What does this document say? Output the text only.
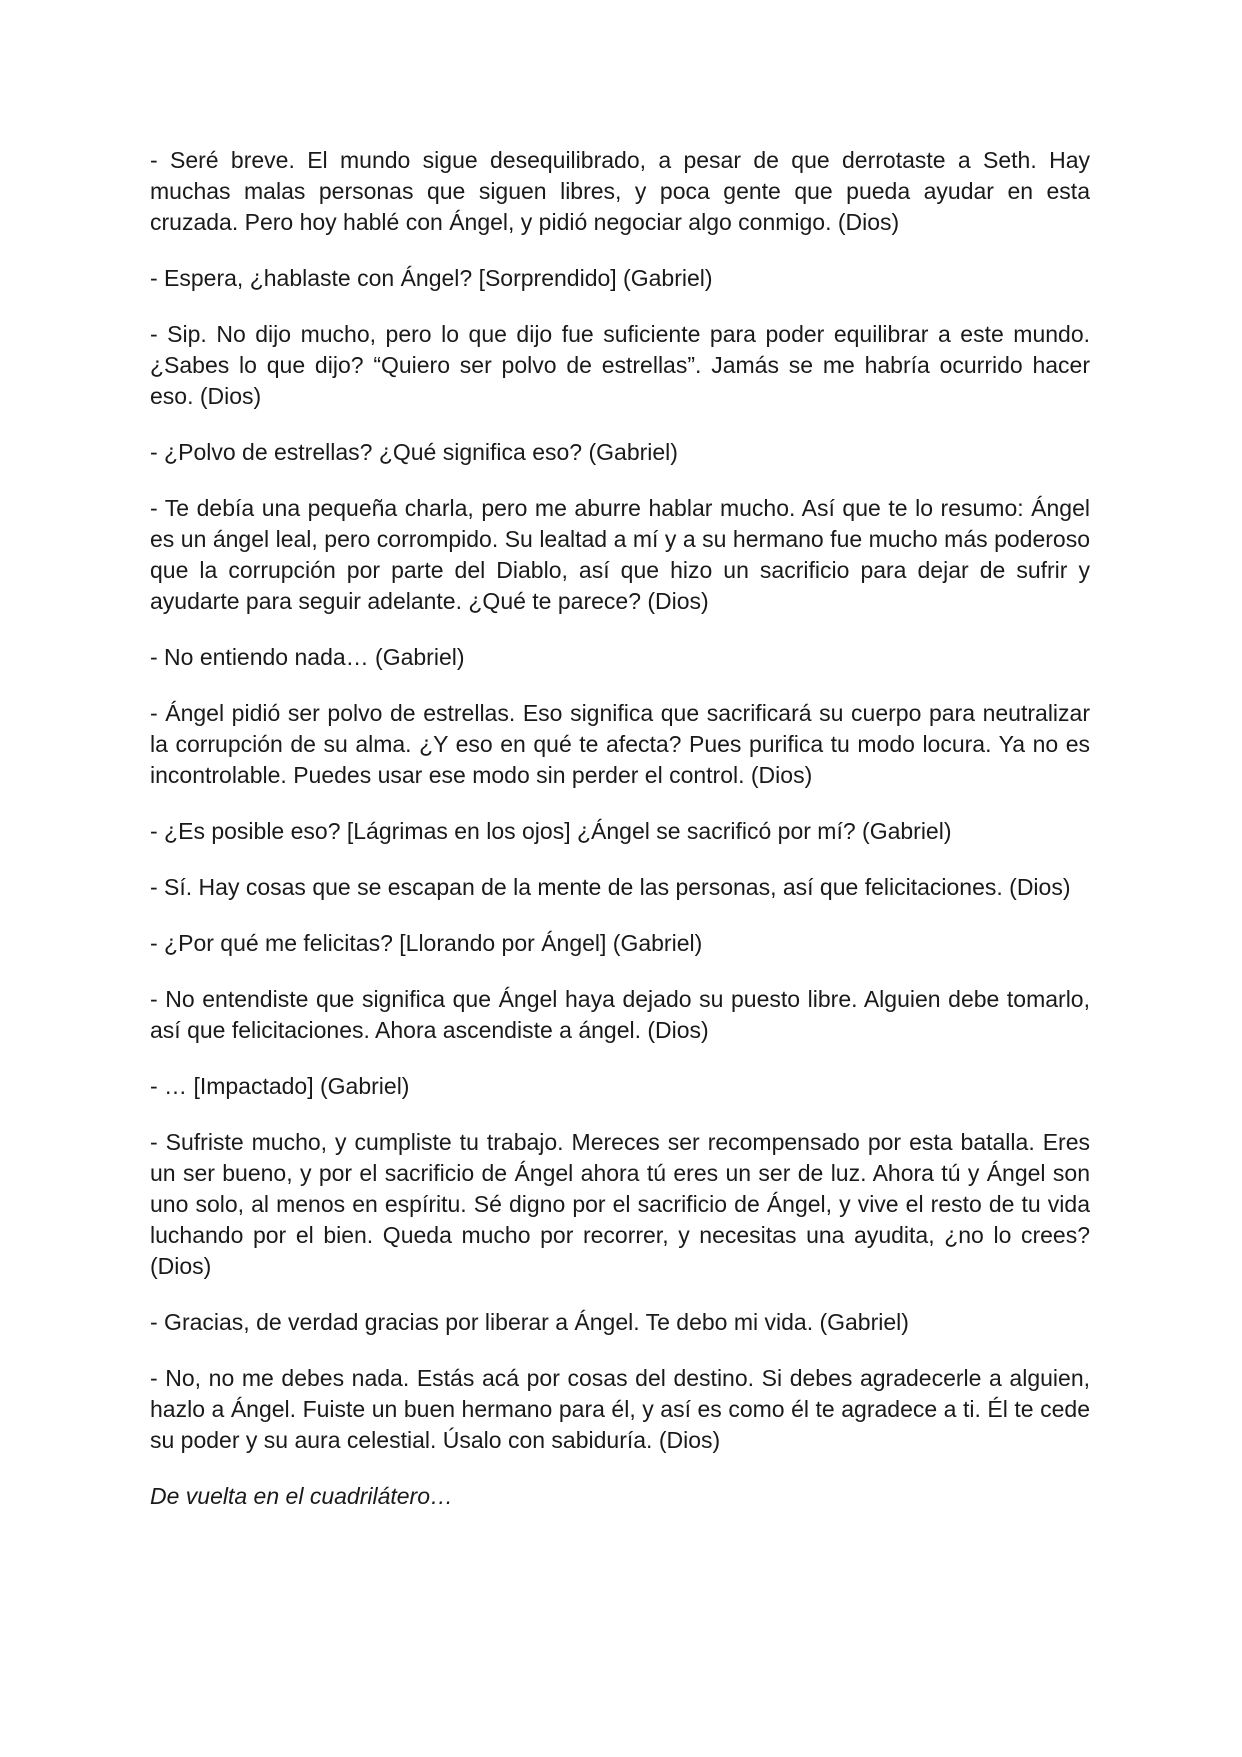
- Seré breve. El mundo sigue desequilibrado, a pesar de que derrotaste a Seth. Hay muchas malas personas que siguen libres, y poca gente que pueda ayudar en esta cruzada. Pero hoy hablé con Ángel, y pidió negociar algo conmigo. (Dios)

- Espera, ¿hablaste con Ángel? [Sorprendido] (Gabriel)

- Sip. No dijo mucho, pero lo que dijo fue suficiente para poder equilibrar a este mundo. ¿Sabes lo que dijo? “Quiero ser polvo de estrellas”. Jamás se me habría ocurrido hacer eso. (Dios)

- ¿Polvo de estrellas? ¿Qué significa eso? (Gabriel)

- Te debía una pequeña charla, pero me aburre hablar mucho. Así que te lo resumo: Ángel es un ángel leal, pero corrompido. Su lealtad a mí y a su hermano fue mucho más poderoso que la corrupción por parte del Diablo, así que hizo un sacrificio para dejar de sufrir y ayudarte para seguir adelante. ¿Qué te parece? (Dios)

- No entiendo nada… (Gabriel)

- Ángel pidió ser polvo de estrellas. Eso significa que sacrificará su cuerpo para neutralizar la corrupción de su alma. ¿Y eso en qué te afecta? Pues purifica tu modo locura. Ya no es incontrolable. Puedes usar ese modo sin perder el control. (Dios)

- ¿Es posible eso? [Lágrimas en los ojos] ¿Ángel se sacrificó por mí? (Gabriel)

- Sí. Hay cosas que se escapan de la mente de las personas, así que felicitaciones. (Dios)

- ¿Por qué me felicitas? [Llorando por Ángel] (Gabriel)

- No entendiste que significa que Ángel haya dejado su puesto libre. Alguien debe tomarlo, así que felicitaciones. Ahora ascendiste a ángel. (Dios)

- … [Impactado] (Gabriel)

- Sufriste mucho, y cumpliste tu trabajo. Mereces ser recompensado por esta batalla. Eres un ser bueno, y por el sacrificio de Ángel ahora tú eres un ser de luz. Ahora tú y Ángel son uno solo, al menos en espíritu. Sé digno por el sacrificio de Ángel, y vive el resto de tu vida luchando por el bien. Queda mucho por recorrer, y necesitas una ayudita, ¿no lo crees? (Dios)

- Gracias, de verdad gracias por liberar a Ángel. Te debo mi vida. (Gabriel)

- No, no me debes nada. Estás acá por cosas del destino. Si debes agradecerle a alguien, hazlo a Ángel. Fuiste un buen hermano para él, y así es como él te agradece a ti. Él te cede su poder y su aura celestial. Úsalo con sabiduría. (Dios)

De vuelta en el cuadrilátero…
